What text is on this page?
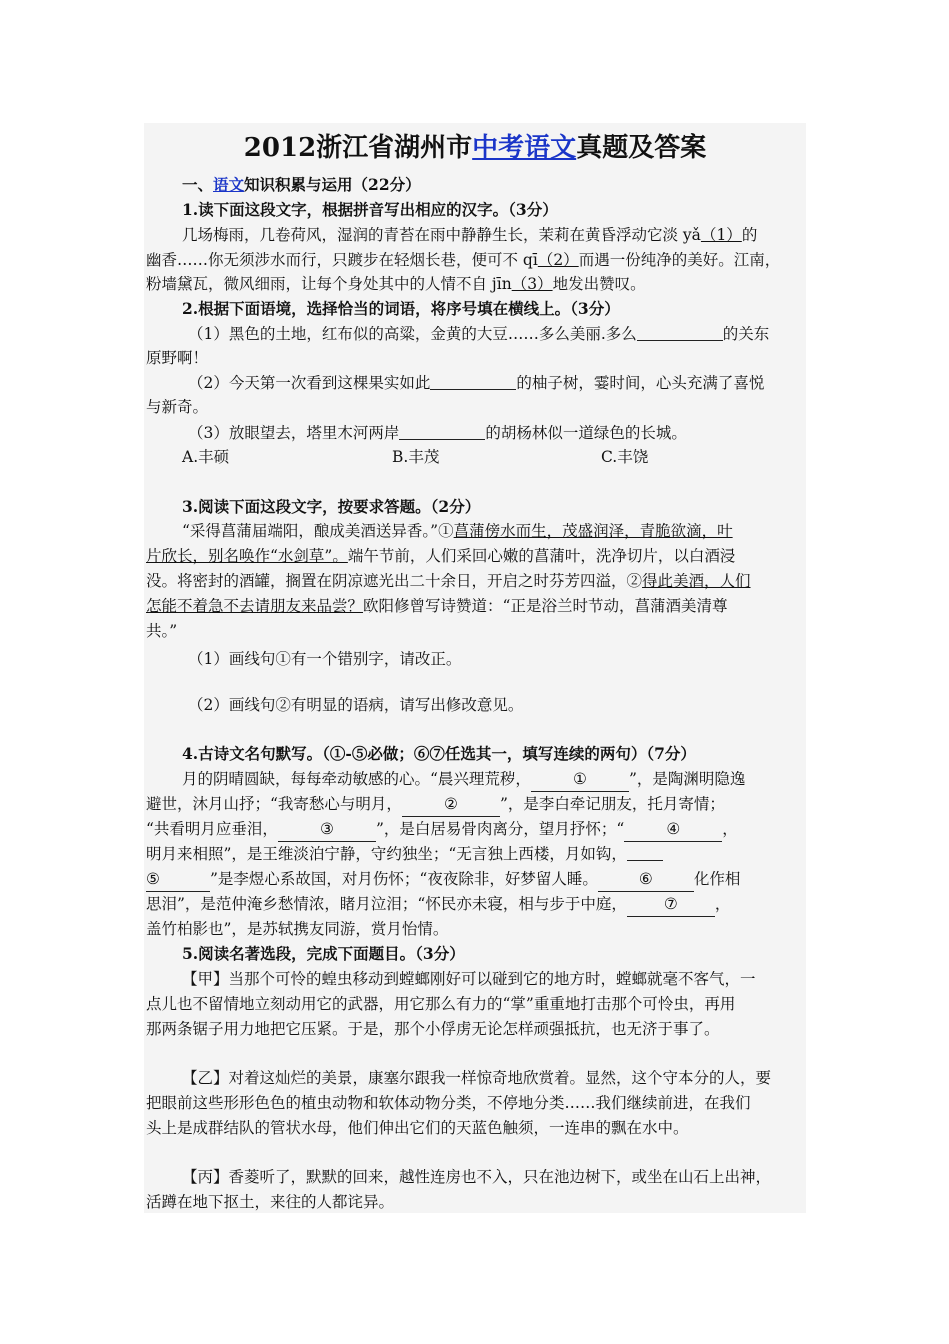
2012浙江省湖州市中考语文真题及答案
一、语文知识积累与运用（22分）
1.读下面这段文字，根据拼音写出相应的汉字。（3分）
几场梅雨，几卷荷风，湿润的青苔在雨中静静生长，茉莉在黄昏浮动它淡 yǎ（1）的
幽香……你无须涉水而行，只踱步在轻烟长巷，便可不 qī（2）而遇一份纯净的美好。江南，
粉墙黛瓦，微风细雨，让每个身处其中的人情不自 jīn（3）地发出赞叹。
2.根据下面语境，选择恰当的词语，将序号填在横线上。（3分）
（1）黑色的土地，红布似的高粱，金黄的大豆……多么美丽.多么	的关东
原野啊！
（2）今天第一次看到这棵果实如此	的柚子树，霎时间，心头充满了喜悦
与新奇。
（3）放眼望去，塔里木河两岸	的胡杨林似一道绿色的长城。
A.丰硕	B.丰茂	C.丰饶
3.阅读下面这段文字，按要求答题。（2分）
“采得菖蒲届端阳，酿成美酒送异香。”①菖蒲傍水而生，茂盛润泽，青脆欲滴，叶
片欣长，别名唤作“水剑草”。端午节前，人们采回心嫩的菖蒲叶，洗净切片，以白酒浸
没。将密封的酒罐，搁置在阴凉遮光出二十余日，开启之时芬芳四溢，②得此美酒，人们
怎能不着急不去请朋友来品尝？欧阳修曾写诗赞道：“正是浴兰时节动，菖蒲酒美清尊
共。”
（1）画线句①有一个错别字，请改正。
（2）画线句②有明显的语病，请写出修改意见。
4.古诗文名句默写。（①-⑤必做；⑥⑦任选其一，填写连续的两句）（7分）
月的阴晴圆缺，每每牵动敏感的心。“晨兴理荒秽，	①	”，是陶渊明隐逸
避世，沐月山抒；“我寄愁心与明月，	②	”，是李白牵记朋友，托月寄情；
“共看明月应垂泪，	③	”，是白居易骨肉离分，望月抒怀；“	④	，
明月来相照”，是王维淡泊宁静，守约独坐；“无言独上西楼，月如钩，
⑤	”是李煜心系故国，对月伤怀；“夜夜除非，好梦留人睡。	⑥	化作相
思泪”，是范仲淹乡愁情浓，睹月泣泪；“怀民亦未寝，相与步于中庭， ⑦ ，
盖竹柏影也”，是苏轼携友同游，赏月怡情。
5.阅读名著选段，完成下面题目。（3分）
【甲】当那个可怜的蝗虫移动到螳螂刚好可以碰到它的地方时，螳螂就毫不客气，一
点儿也不留情地立刻动用它的武器，用它那么有力的“掌”重重地打击那个可怜虫，再用
那两条锯子用力地把它压紧。于是，那个小俘虏无论怎样顽强抵抗，也无济于事了。
【乙】对着这灿烂的美景，康塞尔跟我一样惊奇地欣赏着。显然，这个守本分的人，要
把眼前这些形形色色的植虫动物和软体动物分类，不停地分类……我们继续前进，在我们
头上是成群结队的管状水母，他们伸出它们的天蓝色触须，一连串的飘在水中。
【丙】香菱听了，默默的回来，越性连房也不入，只在池边树下，或坐在山石上出神，
活蹲在地下抠土，来往的人都诧异。
